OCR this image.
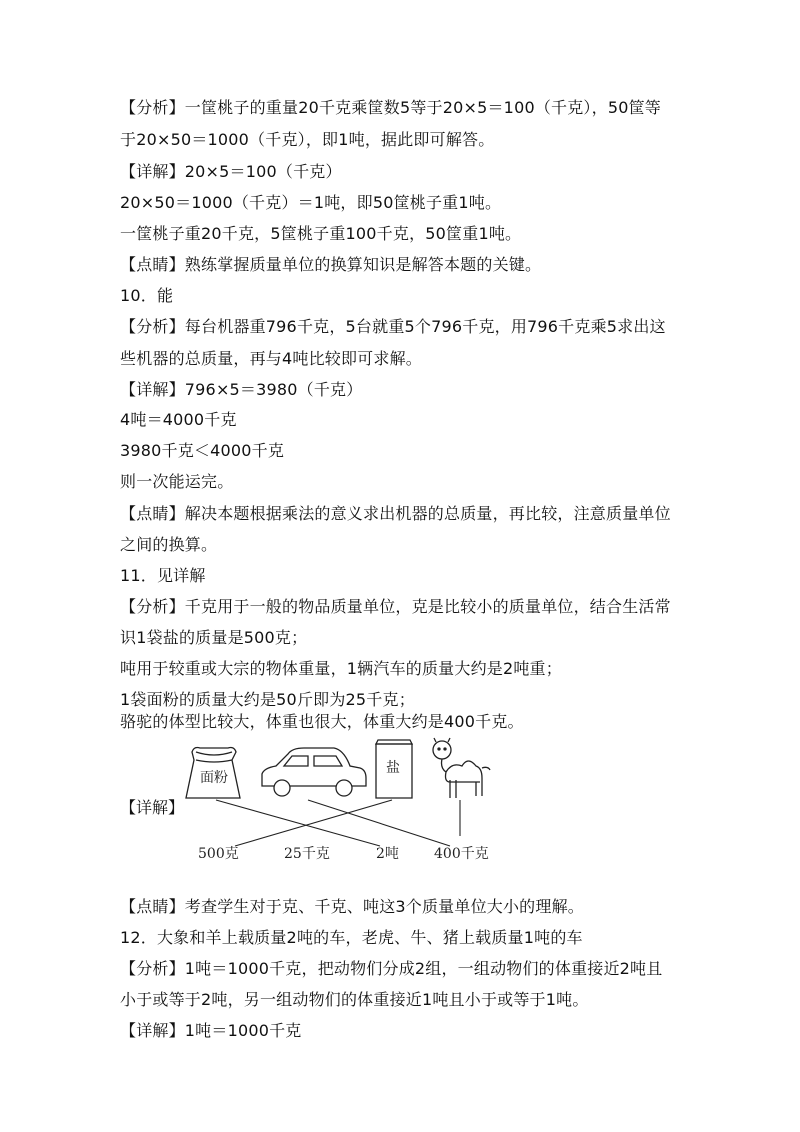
【分析】一筐桃子的重量20千克乘筐数5等于20×5＝100（千克），50筐等
于20×50＝1000（千克），即1吨，据此即可解答。
【详解】20×5＝100（千克）
20×50＝1000（千克）＝1吨，即50筐桃子重1吨。
一筐桃子重20千克，5筐桃子重100千克，50筐重1吨。
【点睛】熟练掌握质量单位的换算知识是解答本题的关键。
10．能
【分析】每台机器重796千克，5台就重5个796千克，用796千克乘5求出这
些机器的总质量，再与4吨比较即可求解。
【详解】796×5＝3980（千克）
4吨＝4000千克
3980千克＜4000千克
则一次能运完。
【点睛】解决本题根据乘法的意义求出机器的总质量，再比较，注意质量单位
之间的换算。
11．见详解
【分析】千克用于一般的物品质量单位，克是比较小的质量单位，结合生活常
识1袋盐的质量是500克；
吨用于较重或大宗的物体重量，1辆汽车的质量大约是2吨重；
1袋面粉的质量大约是50斤即为25千克；
骆驼的体型比较大，体重也很大，体重大约是400千克。
【详解】
面粉
盐
500克	25千克	2吨	400千克
【点睛】考查学生对于克、千克、吨这3个质量单位大小的理解。
12．大象和羊上载质量2吨的车，老虎、牛、猪上载质量1吨的车
【分析】1吨＝1000千克，把动物们分成2组，一组动物们的体重接近2吨且
小于或等于2吨，另一组动物们的体重接近1吨且小于或等于1吨。
【详解】1吨＝1000千克
